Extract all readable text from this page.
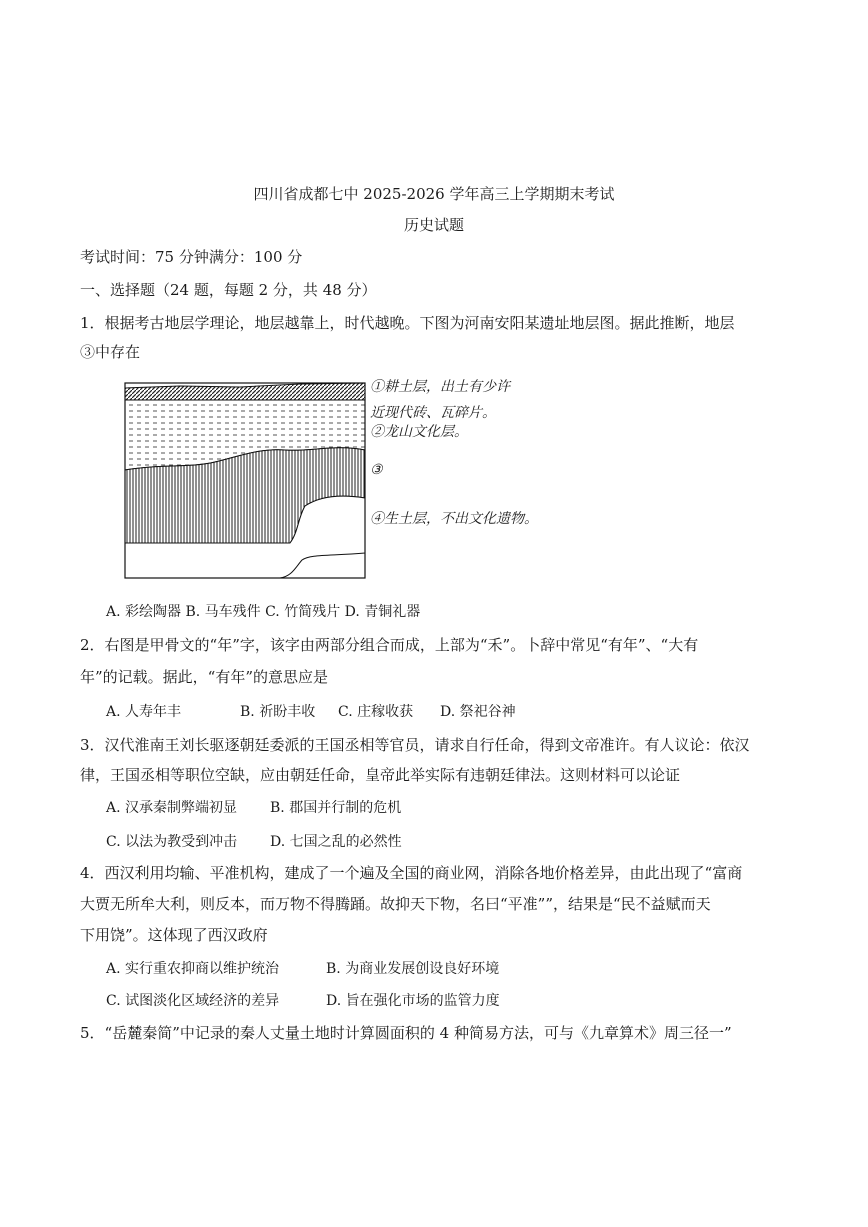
四川省成都七中 2025-2026 学年高三上学期期末考试
历史试题
考试时间：75 分钟满分：100 分
一、选择题（24 题，每题 2 分，共 48 分）
1．根据考古地层学理论，地层越靠上，时代越晚。下图为河南安阳某遗址地层图。据此推断，地层
③中存在
①耕土层，出土有少许
近现代砖、瓦碎片。
②龙山文化层。
③
④生土层，不出文化遗物。
A. 彩绘陶器 B. 马车残件 C. 竹简残片 D. 青铜礼器
2．右图是甲骨文的“年”字，该字由两部分组合而成，上部为“禾”。卜辞中常见“有年”、“大有
年”的记载。据此，“有年”的意思应是
A. 人寿年丰	B. 祈盼丰收 C. 庄稼收获 D. 祭祀谷神
3．汉代淮南王刘长驱逐朝廷委派的王国丞相等官员，请求自行任命，得到文帝准许。有人议论：依汉
律，王国丞相等职位空缺，应由朝廷任命，皇帝此举实际有违朝廷律法。这则材料可以论证
A. 汉承秦制弊端初显 B. 郡国并行制的危机
C. 以法为教受到冲击 D. 七国之乱的必然性
4．西汉利用均输、平准机构，建成了一个遍及全国的商业网，消除各地价格差异，由此出现了“富商
大贾无所牟大利，则反本，而万物不得腾踊。故抑天下物，名曰“平准””，结果是“民不益赋而天
下用饶”。这体现了西汉政府
A. 实行重农抑商以维护统治	B. 为商业发展创设良好环境
C. 试图淡化区域经济的差异	D. 旨在强化市场的监管力度
5．“岳麓秦简”中记录的秦人丈量土地时计算圆面积的 4 种简易方法，可与《九章算术》周三径一”
